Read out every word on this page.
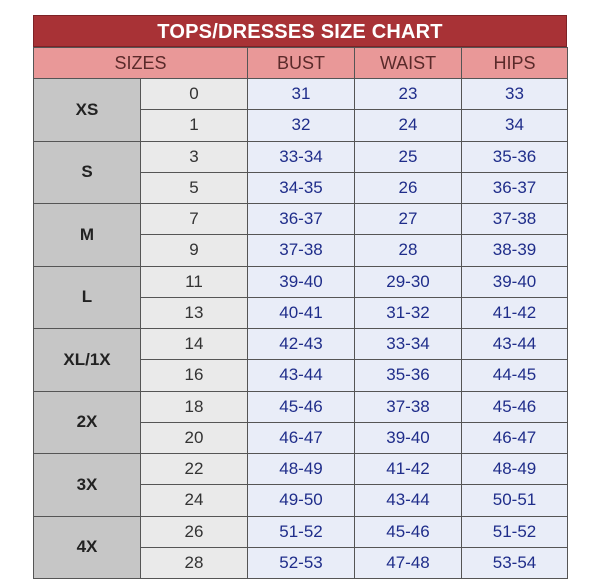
TOPS/DRESSES SIZE CHART
SIZES		BUST	WAIST	HIPS
XS	0	31	23	33
	1	32	24	34
S	3	33-34	25	35-36
	5	34-35	26	36-37
M	7	36-37	27	37-38
	9	37-38	28	38-39
L	11	39-40	29-30	39-40
	13	40-41	31-32	41-42
XL/1X	14	42-43	33-34	43-44
	16	43-44	35-36	44-45
2X	18	45-46	37-38	45-46
	20	46-47	39-40	46-47
3X	22	48-49	41-42	48-49
	24	49-50	43-44	50-51
4X	26	51-52	45-46	51-52
	28	52-53	47-48	53-54
